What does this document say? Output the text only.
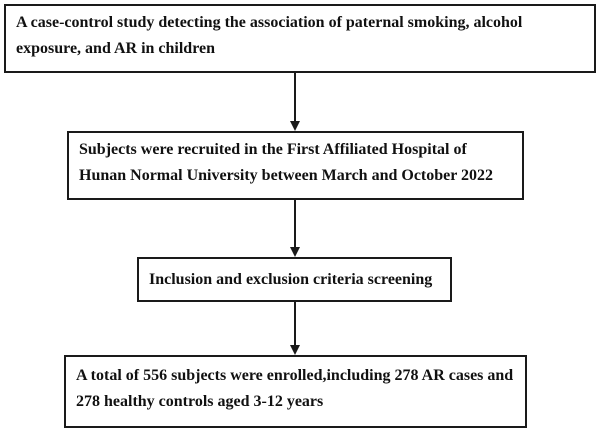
A case-control study detecting the association of paternal smoking, alcohol exposure, and AR in children
Subjects were recruited in the First Affiliated Hospital of Hunan Normal University between March and October 2022
Inclusion and exclusion criteria screening
A total of 556 subjects were enrolled,including 278 AR cases and 278 healthy controls aged 3-12 years
